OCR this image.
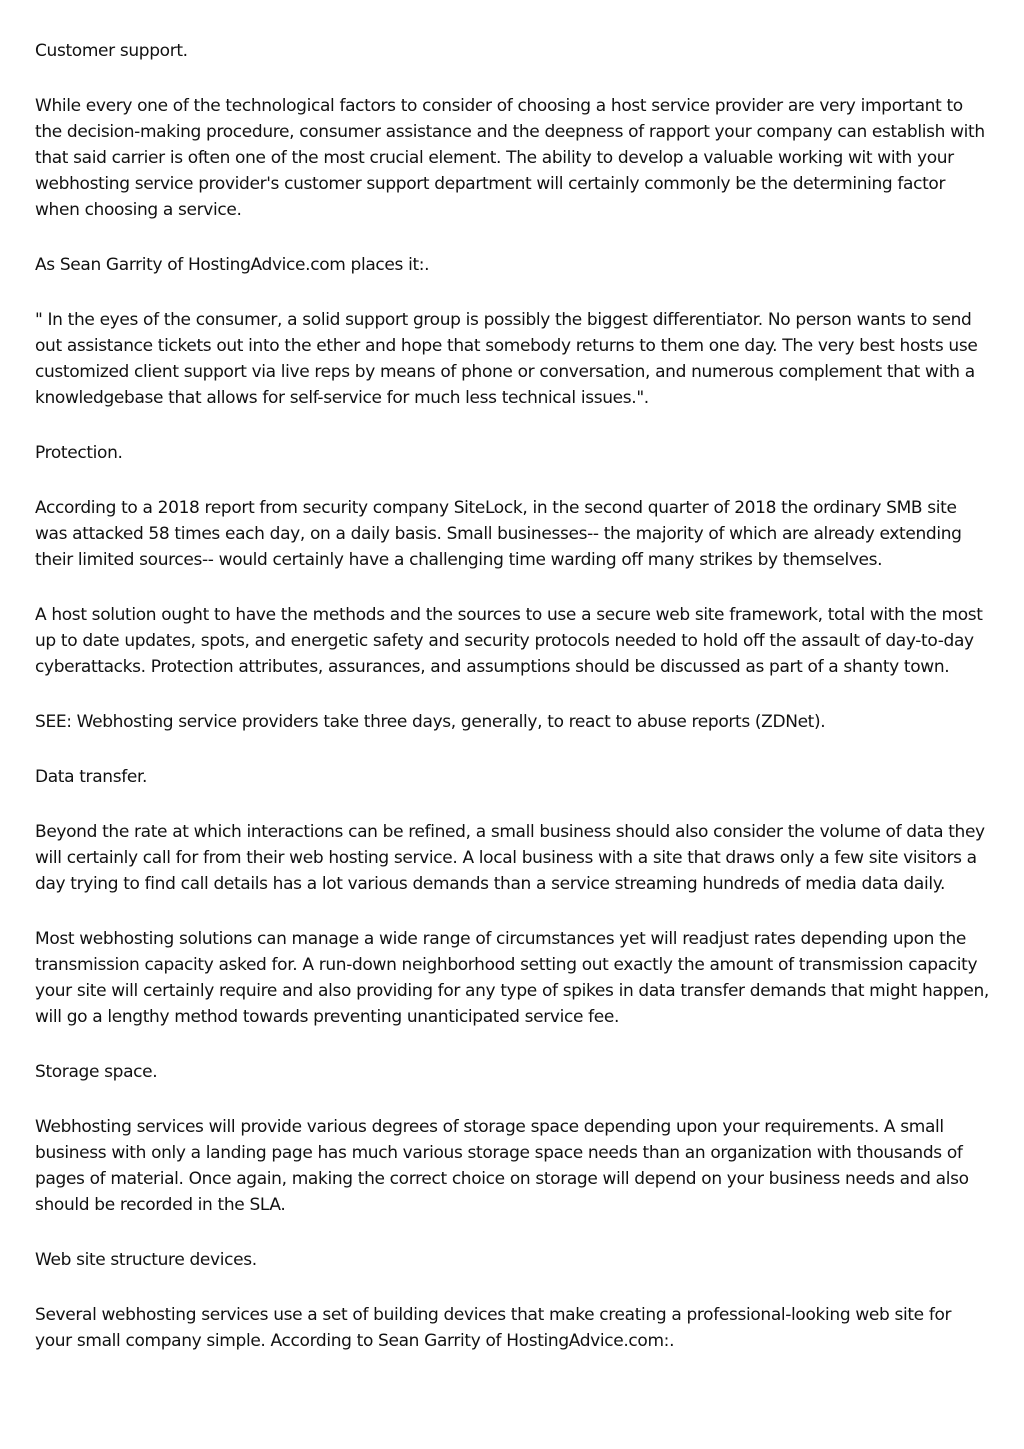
Customer support.

While every one of the technological factors to consider of choosing a host service provider are very important to the decision-making procedure, consumer assistance and the deepness of rapport your company can establish with that said carrier is often one of the most crucial element. The ability to develop a valuable working wit with your webhosting service provider's customer support department will certainly commonly be the determining factor when choosing a service.

As Sean Garrity of HostingAdvice.com places it:.

" In the eyes of the consumer, a solid support group is possibly the biggest differentiator. No person wants to send out assistance tickets out into the ether and hope that somebody returns to them one day. The very best hosts use customized client support via live reps by means of phone or conversation, and numerous complement that with a knowledgebase that allows for self-service for much less technical issues.".

Protection.

According to a 2018 report from security company SiteLock, in the second quarter of 2018 the ordinary SMB site was attacked 58 times each day, on a daily basis. Small businesses-- the majority of which are already extending their limited sources-- would certainly have a challenging time warding off many strikes by themselves.

A host solution ought to have the methods and the sources to use a secure web site framework, total with the most up to date updates, spots, and energetic safety and security protocols needed to hold off the assault of day-to-day cyberattacks. Protection attributes, assurances, and assumptions should be discussed as part of a shanty town.

SEE: Webhosting service providers take three days, generally, to react to abuse reports (ZDNet).

Data transfer.

Beyond the rate at which interactions can be refined, a small business should also consider the volume of data they will certainly call for from their web hosting service. A local business with a site that draws only a few site visitors a day trying to find call details has a lot various demands than a service streaming hundreds of media data daily.

Most webhosting solutions can manage a wide range of circumstances yet will readjust rates depending upon the transmission capacity asked for. A run-down neighborhood setting out exactly the amount of transmission capacity your site will certainly require and also providing for any type of spikes in data transfer demands that might happen, will go a lengthy method towards preventing unanticipated service fee.

Storage space.

Webhosting services will provide various degrees of storage space depending upon your requirements. A small business with only a landing page has much various storage space needs than an organization with thousands of pages of material. Once again, making the correct choice on storage will depend on your business needs and also should be recorded in the SLA.

Web site structure devices.

Several webhosting services use a set of building devices that make creating a professional-looking web site for your small company simple. According to Sean Garrity of HostingAdvice.com:.
